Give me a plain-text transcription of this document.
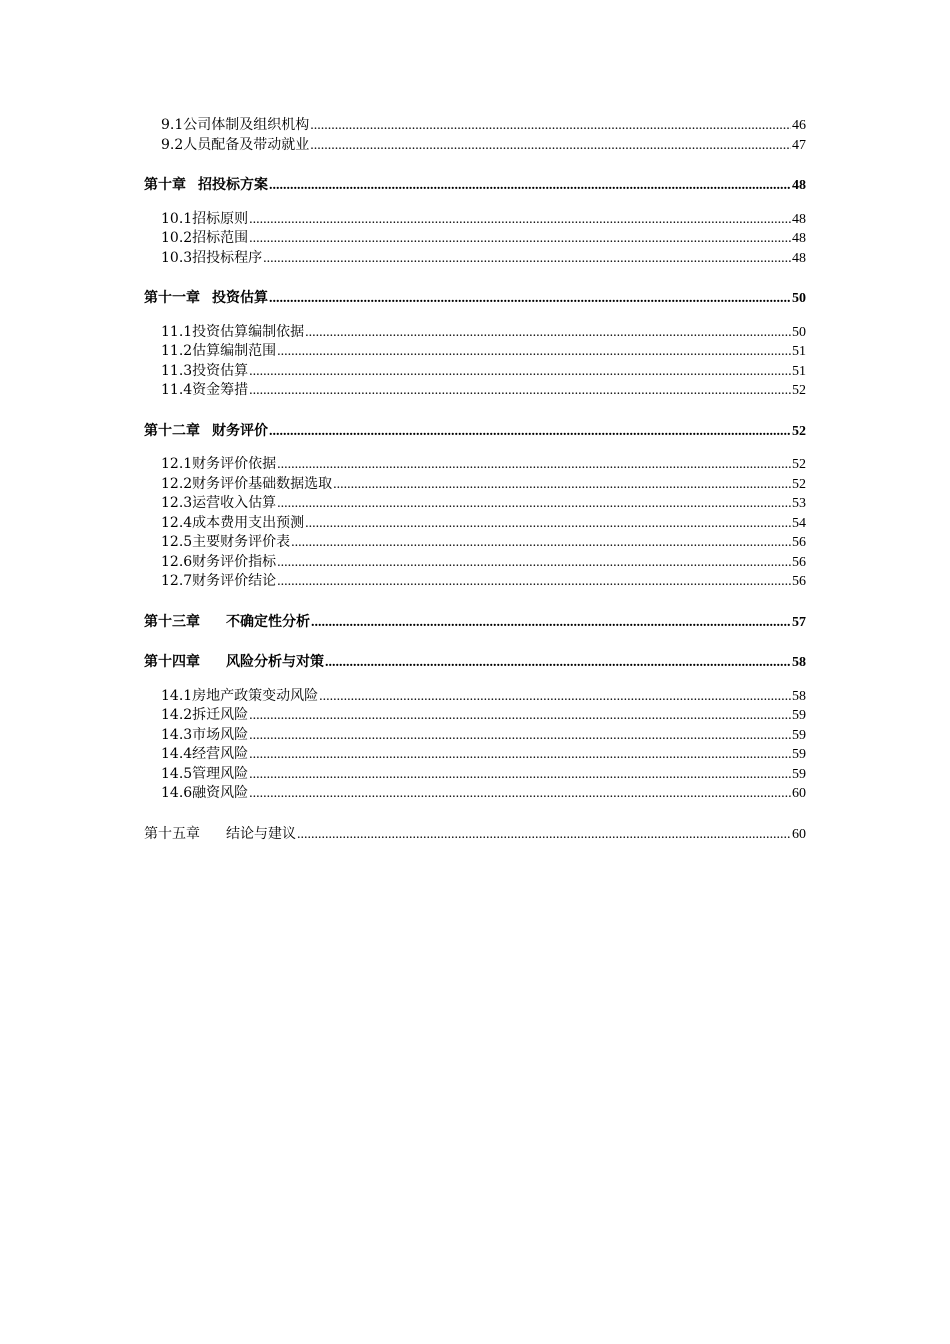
9.1公司体制及组织机构 .....	46
9.2人员配备及带动就业 .....	47
第十章 招投标方案 .....	48
10.1招标原则 .....	48
10.2招标范围 .....	48
10.3招投标程序 .....	48
第十一章 投资估算 .....	50
11.1投资估算编制依据 .....	50
11.2估算编制范围 .....	51
11.3投资估算 .....	51
11.4资金筹措 .....	52
第十二章 财务评价 .....	52
12.1财务评价依据 .....	52
12.2财务评价基础数据选取 .....	52
12.3运营收入估算 .....	53
12.4成本费用支出预测 .....	54
12.5主要财务评价表 .....	56
12.6财务评价指标 .....	56
12.7财务评价结论 .....	56
第十三章 不确定性分析 .....	57
第十四章 风险分析与对策 .....	58
14.1房地产政策变动风险 .....	58
14.2拆迁风险 .....	59
14.3市场风险 .....	59
14.4经营风险 .....	59
14.5管理风险 .....	59
14.6融资风险 .....	60
第十五章 结论与建议 .....	60
